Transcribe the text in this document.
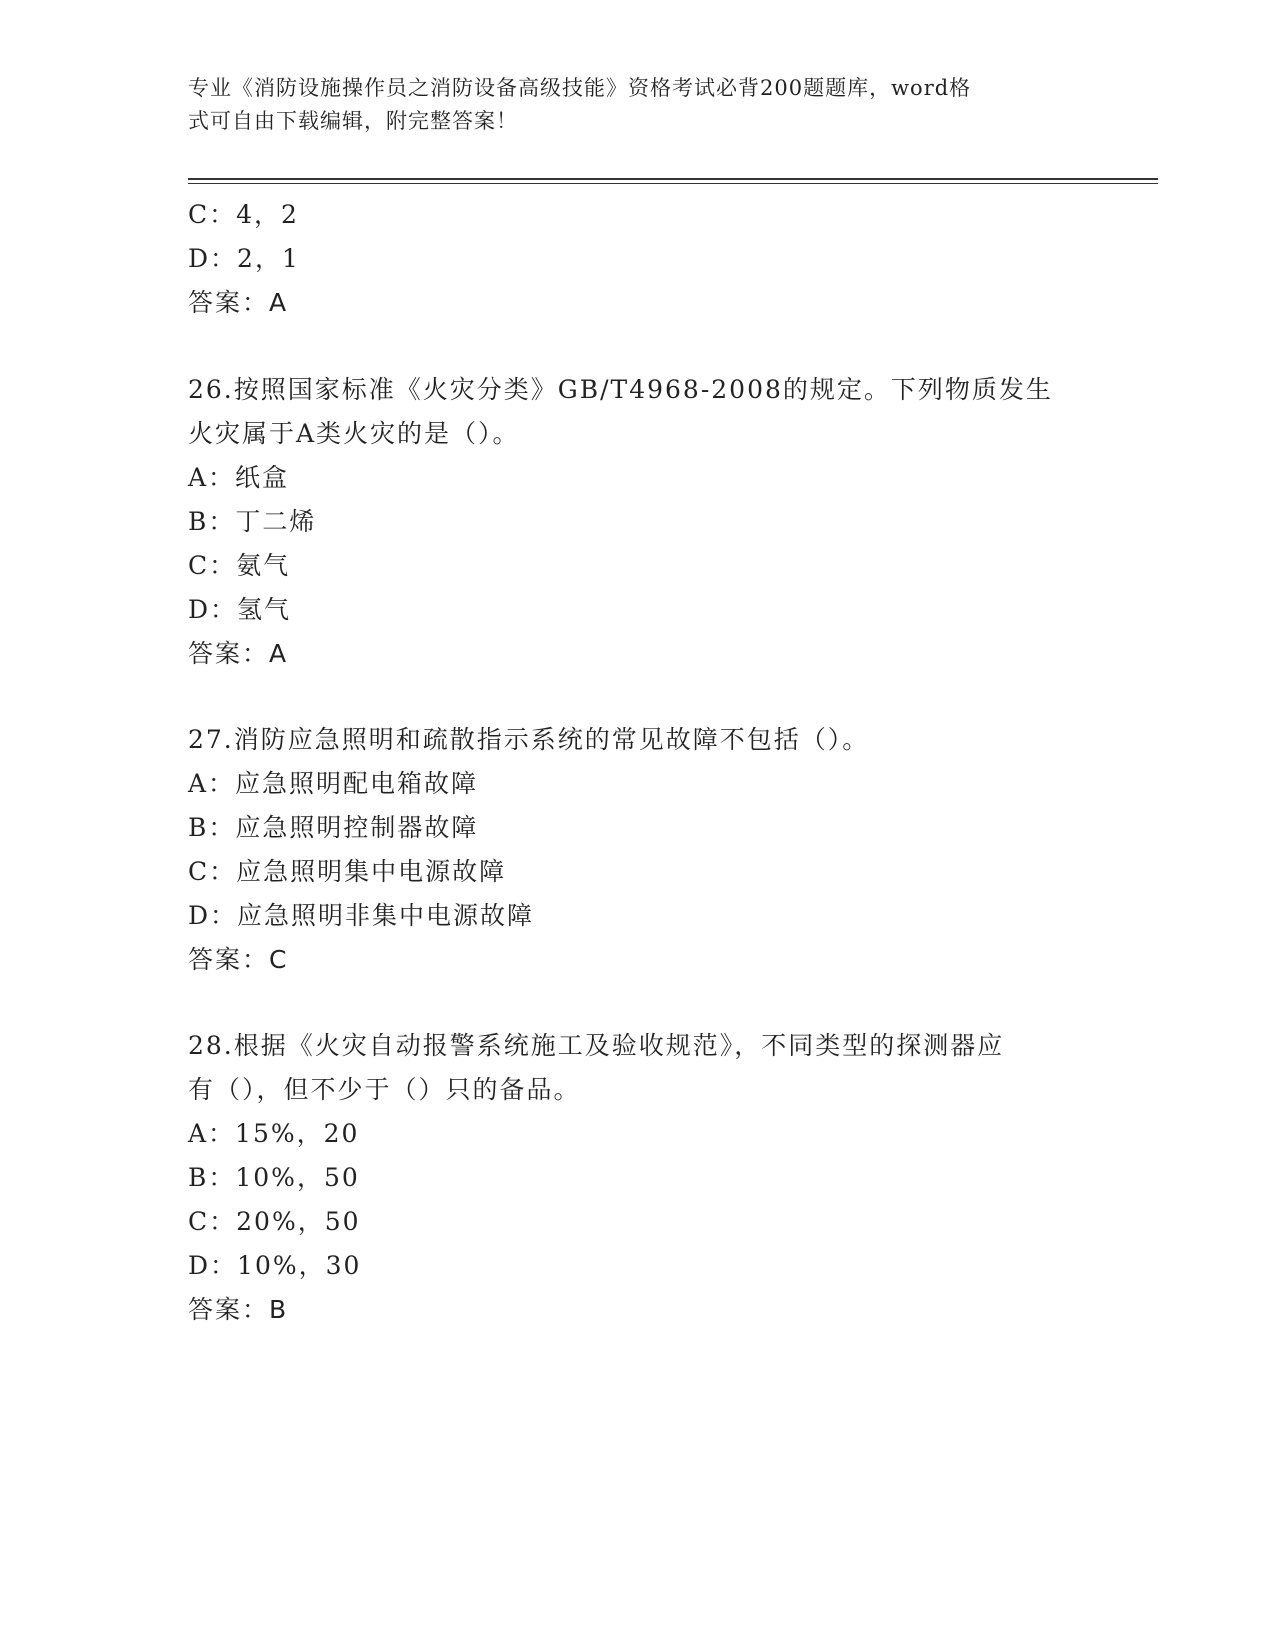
专业《消防设施操作员之消防设备高级技能》资格考试必背200题题库，word格
式可自由下载编辑，附完整答案！
C：4，2
D：2，1
答案：A
26.按照国家标准《火灾分类》GB/T4968-2008的规定。下列物质发生
火灾属于A类火灾的是（）。
A：纸盒
B：丁二烯
C：氨气
D：氢气
答案：A
27.消防应急照明和疏散指示系统的常见故障不包括（）。
A：应急照明配电箱故障
B：应急照明控制器故障
C：应急照明集中电源故障
D：应急照明非集中电源故障
答案：C
28.根据《火灾自动报警系统施工及验收规范》，不同类型的探测器应
有（），但不少于（）只的备品。
A：15%，20
B：10%，50
C：20%，50
D：10%，30
答案：B
